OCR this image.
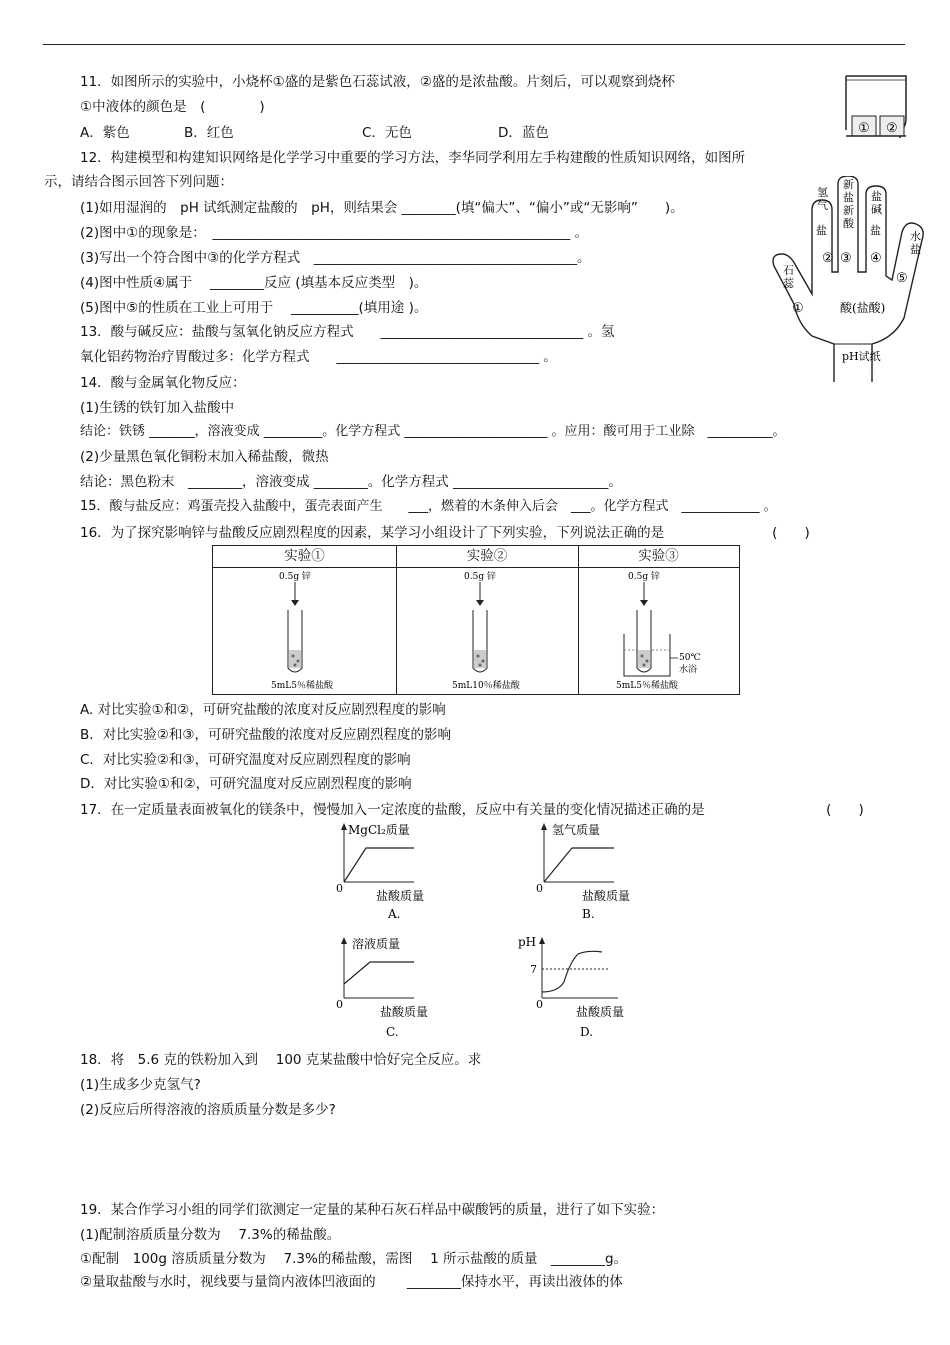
11．如图所示的实验中，小烧杯①盛的是紫色石蕊试液，②盛的是浓盐酸。片刻后，可以观察到烧杯
①中液体的颜色是　(　　　　)
A．紫色	B．红色	C．无色	D．蓝色	① ②
12．构建模型和构建知识网络是化学学习中重要的学习方法，李华同学利用左手构建酸的性质知识网络，如图所
示，请结合图示回答下列问题：
(1)如用湿润的　pH 试纸测定盐酸的　pH，则结果会 ________(填“偏大”、“偏小”或“无影响”　　)。
(2)图中①的现象是：　_____________________________________________________ 。
(3)写出一个符合图中③的化学方程式　_______________________________________。
(4)图中性质④属于　 ________反应 (填基本反应类型　)。
(5)图中⑤的性质在工业上可用于　 __________(填用途 )。
氢气
新盐新酸
盐碱
水盐
石蕊
盐	盐
② ③ ④
⑤
①	酸(盐酸)
pH试纸
13．酸与碱反应：盐酸与氢氧化钠反应方程式　　______________________________ 。氢
氧化铝药物治疗胃酸过多：化学方程式　　______________________________ 。
14．酸与金属氧化物反应：
(1)生锈的铁钉加入盐酸中
结论：铁锈 _______，溶液变成 _________。化学方程式 ______________________ 。应用：酸可用于工业除　__________。
(2)少量黑色氧化铜粉末加入稀盐酸，微热
结论：黑色粉末　________，溶液变成 ________。化学方程式 _______________________。
15．酸与盐反应：鸡蛋壳投入盐酸中，蛋壳表面产生　　___，燃着的木条伸入后会　___。化学方程式　____________ 。
16．为了探究影响锌与盐酸反应剧烈程度的因素，某学习小组设计了下列实验，下列说法正确的是　　　　　　　　(　　)
实验①
0.5g 锌
5mL5％稀盐酸
实验②
0.5g 锌
5mL10％稀盐酸
实验③
0.5g 锌
50℃
水浴
5mL5％稀盐酸
A. 对比实验①和②，可研究盐酸的浓度对反应剧烈程度的影响
B．对比实验②和③，可研究盐酸的浓度对反应剧烈程度的影响
C．对比实验②和③，可研究温度对反应剧烈程度的影响
D．对比实验①和②，可研究温度对反应剧烈程度的影响
17．在一定质量表面被氧化的镁条中，慢慢加入一定浓度的盐酸，反应中有关量的变化情况描述正确的是　　　　　　　　　(　　)
MgCl₂质量
0
盐酸质量
A.
氢气质量
0
盐酸质量
B.
溶液质量
0
盐酸质量
C.
pH
7
0
盐酸质量
D.
18．将　5.6 克的铁粉加入到　 100 克某盐酸中恰好完全反应。求
(1)生成多少克氢气?
(2)反应后所得溶液的溶质质量分数是多少?
19．某合作学习小组的同学们欲测定一定量的某种石灰石样品中碳酸钙的质量，进行了如下实验：
(1)配制溶质质量分数为　 7.3%的稀盐酸。
①配制　100g 溶质质量分数为　 7.3%的稀盐酸，需图　 1 所示盐酸的质量　________g。
②量取盐酸与水时，视线要与量筒内液体凹液面的　　 ________保持水平，再读出液体的体
